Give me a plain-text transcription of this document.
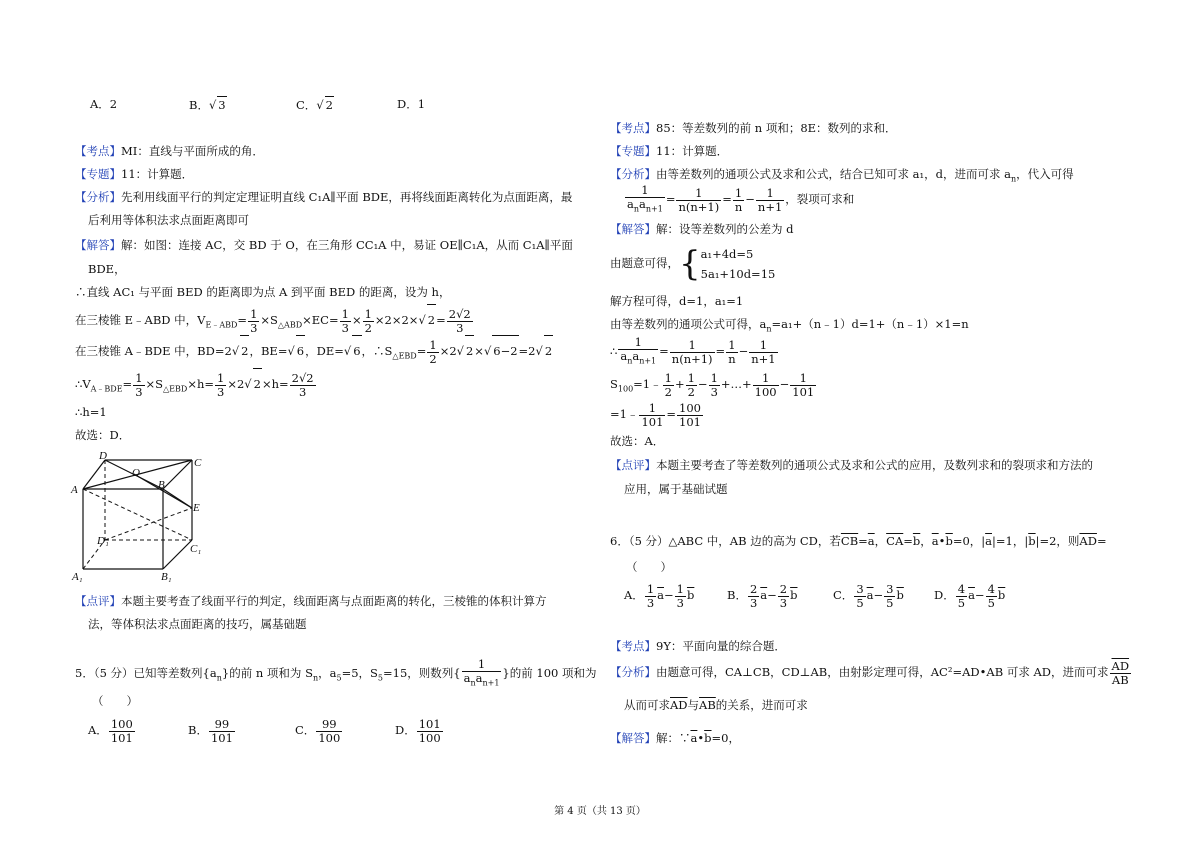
A．2	B．√ 3	C．√ 2	D．1
【考点】MI：直线与平面所成的角．
【专题】11：计算题．
【分析】先利用线面平行的判定定理证明直线 C₁A∥平面 BDE，再将线面距离转化为点面距离，最
后利用等体积法求点面距离即可
【解答】解：如图：连接 AC，交 BD 于 O，在三角形 CC₁A 中，易证 OE∥C₁A，从而 C₁A∥平面
BDE，
∴直线 AC₁ 与平面 BED 的距离即为点 A 到平面 BED 的距离，设为 h，
在三棱锥 E﹣ABD 中，$V_{E﹣ABD}= \frac{1}{3} \times S_{\triangle ABD}\times EC= \frac{1}{3} \times \frac{1}{2} \times 2\times 2\times√$ $2= \frac{2√2}{3}$
在三棱锥 A﹣BDE 中，BD=2√ 2，BE=√ 6，DE=√ 6，$\therefore S_{\triangle EBD}= \frac{1}{2} \times 2√$ 2×√ 6−2=2√ 2
$\therefore V_{A﹣BDE}= \frac{1}{3} \times S_{\triangle EBD}\times h= \frac{1}{3} \times 2√$ $2\times h= \frac{2√2}{3}$
∴h=1
故选：D．
D
O
C
A	B
E
D₁
C₁
A₁	B₁
【点评】本题主要考查了线面平行的判定，线面距离与点面距离的转化，三棱锥的体积计算方
法，等体积法求点面距离的技巧，属基础题
5．（5 分）已知等差数列$\{a_n\}$的前 n 项和为 $S_n$，$a_5=5$，$S_5=15$，则数列{ $\frac{1}{a_na_{n+1}}$ }的前 100 项和为
（　　）
A． $\frac{100}{101}$	B． $\frac{99}{101}$	C． $\frac{99}{100}$	D． $\frac{101}{100}$
【考点】85：等差数列的前 n 项和；8E：数列的求和．
【专题】11：计算题．
【分析】由等差数列的通项公式及求和公式，结合已知可求 a₁，d，进而可求 $a_n$，代入可得
$\frac{1}{a_na_{n+1}} = \frac{1}{n(n+1)} = \frac{1}{n} - \frac{1}{n+1}$ ，裂项可求和
【解答】解：设等差数列的公差为 d
由题意可得，{ a₁+4d=5
5a₁+10d=15
解方程可得，d=1，a₁=1
由等差数列的通项公式可得，$a_n=a_1+(n﹣1)d=1+(n﹣1)\times 1=n$
∴ $\frac{1}{a_na_{n+1}} = \frac{1}{n(n+1)} = \frac{1}{n} - \frac{1}{n+1}$
$S_{100}=1﹣ \frac{1}{2} + \frac{1}{2} - \frac{1}{3}$ +…+ $\frac{1}{100} - \frac{1}{101}$
=1﹣ $\frac{1}{101} = \frac{100}{101}$
故选：A．
【点评】本题主要考查了等差数列的通项公式及求和公式的应用，及数列求和的裂项求和方法的
应用，属于基础试题
6．（5 分）△ABC 中，AB 边的高为 CD，若$\overline{CB}=\overline{a}$，$\overline{CA}=\overline{b}$，$\overline{a}•\overline{b}=0$，$|\overline{a}|=1$，$|\overline{b}|=2$，则$\overline{AD}=$
（　　）
A． $\frac{1}{3} \overline{a}- \frac{1}{3} \overline{b}$	B． $\frac{2}{3} \overline{a}- \frac{2}{3} \overline{b}$	C． $\frac{3}{5} \overline{a}- \frac{3}{5} \overline{b}$	D． $\frac{4}{5} \overline{a}- \frac{4}{5} \overline{b}$
【考点】9Y：平面向量的综合题．
【分析】由题意可得，CA⊥CB，CD⊥AB，由射影定理可得，AC²=AD•AB 可求 AD，进而可求 $\frac{\overline{AD}}{AB}$
从而可求$\overline{AD}$与$\overline{AB}$的关系，进而可求
【解答】解：$\because\overline{a}•\overline{b}=0$，
第 4 页（共 13 页）
